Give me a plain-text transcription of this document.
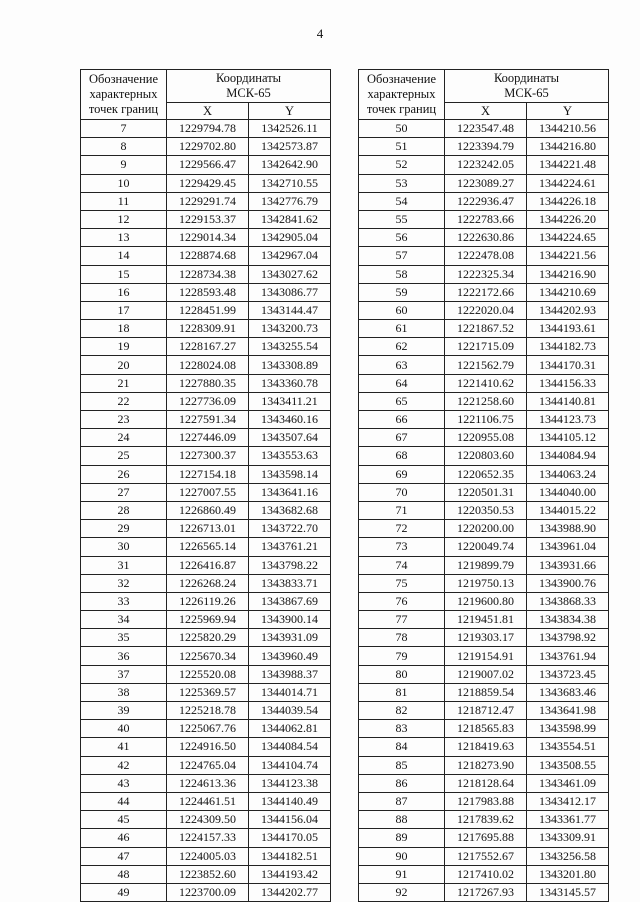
4
Обозначение
характерных
точек границ	Координаты
МСК-65	
	X	Y
7	1229794.78	1342526.11
8	1229702.80	1342573.87
9	1229566.47	1342642.90
10	1229429.45	1342710.55
11	1229291.74	1342776.79
12	1229153.37	1342841.62
13	1229014.34	1342905.04
14	1228874.68	1342967.04
15	1228734.38	1343027.62
16	1228593.48	1343086.77
17	1228451.99	1343144.47
18	1228309.91	1343200.73
19	1228167.27	1343255.54
20	1228024.08	1343308.89
21	1227880.35	1343360.78
22	1227736.09	1343411.21
23	1227591.34	1343460.16
24	1227446.09	1343507.64
25	1227300.37	1343553.63
26	1227154.18	1343598.14
27	1227007.55	1343641.16
28	1226860.49	1343682.68
29	1226713.01	1343722.70
30	1226565.14	1343761.21
31	1226416.87	1343798.22
32	1226268.24	1343833.71
33	1226119.26	1343867.69
34	1225969.94	1343900.14
35	1225820.29	1343931.09
36	1225670.34	1343960.49
37	1225520.08	1343988.37
38	1225369.57	1344014.71
39	1225218.78	1344039.54
40	1225067.76	1344062.81
41	1224916.50	1344084.54
42	1224765.04	1344104.74
43	1224613.36	1344123.38
44	1224461.51	1344140.49
45	1224309.50	1344156.04
46	1224157.33	1344170.05
47	1224005.03	1344182.51
48	1223852.60	1344193.42
49	1223700.09	1344202.77
Обозначение
характерных
точек границ	Координаты
МСК-65	
	X	Y
50	1223547.48	1344210.56
51	1223394.79	1344216.80
52	1223242.05	1344221.48
53	1223089.27	1344224.61
54	1222936.47	1344226.18
55	1222783.66	1344226.20
56	1222630.86	1344224.65
57	1222478.08	1344221.56
58	1222325.34	1344216.90
59	1222172.66	1344210.69
60	1222020.04	1344202.93
61	1221867.52	1344193.61
62	1221715.09	1344182.73
63	1221562.79	1344170.31
64	1221410.62	1344156.33
65	1221258.60	1344140.81
66	1221106.75	1344123.73
67	1220955.08	1344105.12
68	1220803.60	1344084.94
69	1220652.35	1344063.24
70	1220501.31	1344040.00
71	1220350.53	1344015.22
72	1220200.00	1343988.90
73	1220049.74	1343961.04
74	1219899.79	1343931.66
75	1219750.13	1343900.76
76	1219600.80	1343868.33
77	1219451.81	1343834.38
78	1219303.17	1343798.92
79	1219154.91	1343761.94
80	1219007.02	1343723.45
81	1218859.54	1343683.46
82	1218712.47	1343641.98
83	1218565.83	1343598.99
84	1218419.63	1343554.51
85	1218273.90	1343508.55
86	1218128.64	1343461.09
87	1217983.88	1343412.17
88	1217839.62	1343361.77
89	1217695.88	1343309.91
90	1217552.67	1343256.58
91	1217410.02	1343201.80
92	1217267.93	1343145.57
